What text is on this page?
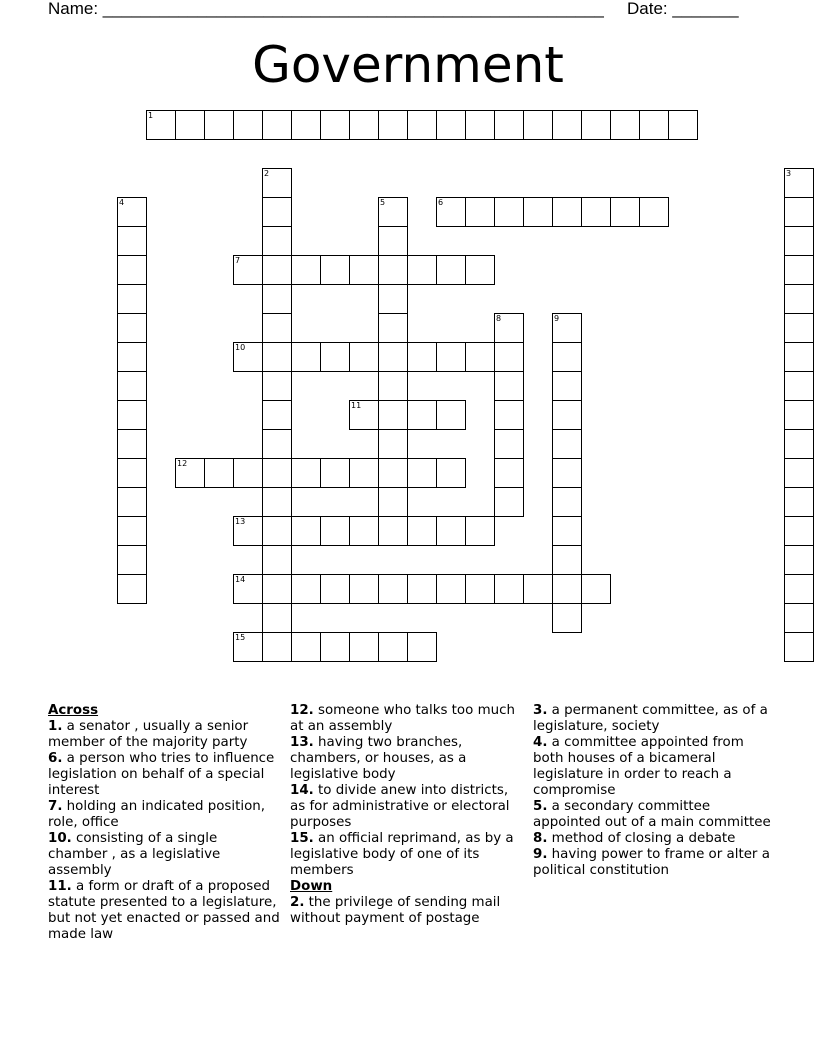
Name: _____________________________________________________ Date: _______
Government
1
2	3
4	5	6
7
8	9
10
11
12
13
14
15
Across
1. a senator , usually a senior member of the majority party
6. a person who tries to influence legislation on behalf of a special interest
7. holding an indicated position, role, office
10. consisting of a single chamber , as a legislative assembly
11. a form or draft of a proposed statute presented to a legislature, but not yet enacted or passed and made law
12. someone who talks too much at an assembly
13. having two branches, chambers, or houses, as a legislative body
14. to divide anew into districts, as for administrative or electoral purposes
15. an official reprimand, as by a legislative body of one of its members
Down
2. the privilege of sending mail without payment of postage
3. a permanent committee, as of a legislature, society
4. a committee appointed from both houses of a bicameral legislature in order to reach a compromise
5. a secondary committee appointed out of a main committee
8. method of closing a debate
9. having power to frame or alter a political constitution
